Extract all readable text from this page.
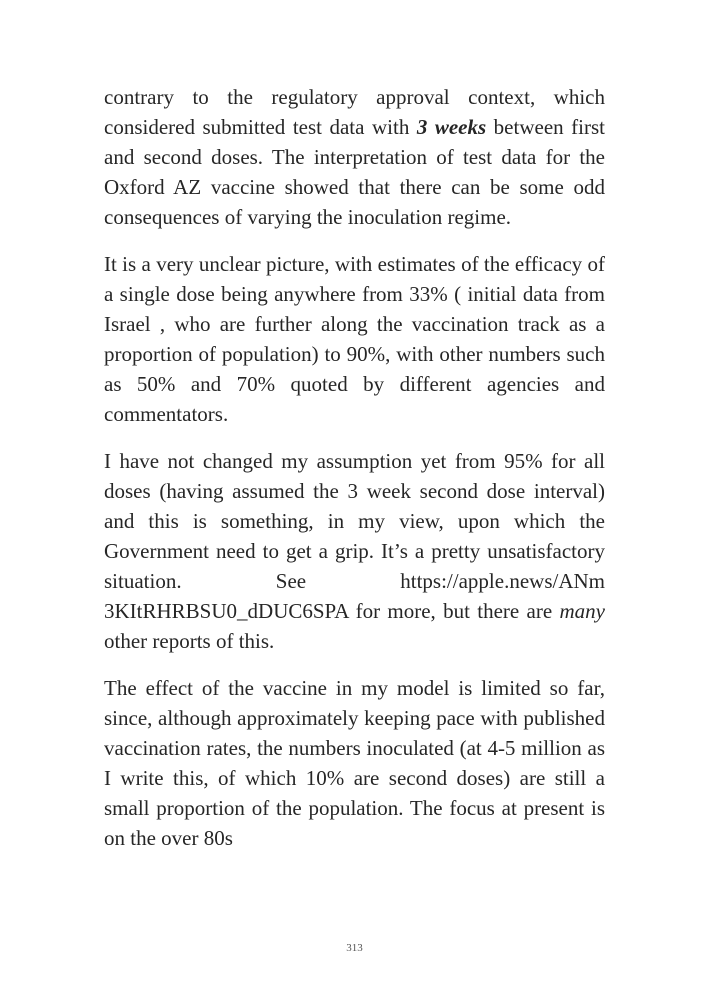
contrary to the regulatory approval context, which considered submitted test data with 3 weeks between first and second doses. The interpretation of test data for the Oxford AZ vaccine showed that there can be some odd consequences of varying the inoculation regime.

It is a very unclear picture, with estimates of the efficacy of a single dose being anywhere from 33% ( initial data from Israel , who are further along the vaccination track as a proportion of population) to 90%, with other numbers such as 50% and 70% quoted by different agencies and commentators.

I have not changed my assumption yet from 95% for all doses (having assumed the 3 week second dose interval) and this is something, in my view, upon which the Government need to get a grip. It’s a pretty unsatisfactory situation. See https://apple.news/ANm 3KItRHRBSU0_dDUC6SPA for more, but there are many other reports of this.

The effect of the vaccine in my model is limited so far, since, although approximately keeping pace with published vaccination rates, the numbers inoculated (at 4-5 million as I write this, of which 10% are second doses) are still a small proportion of the population. The focus at present is on the over 80s

313
